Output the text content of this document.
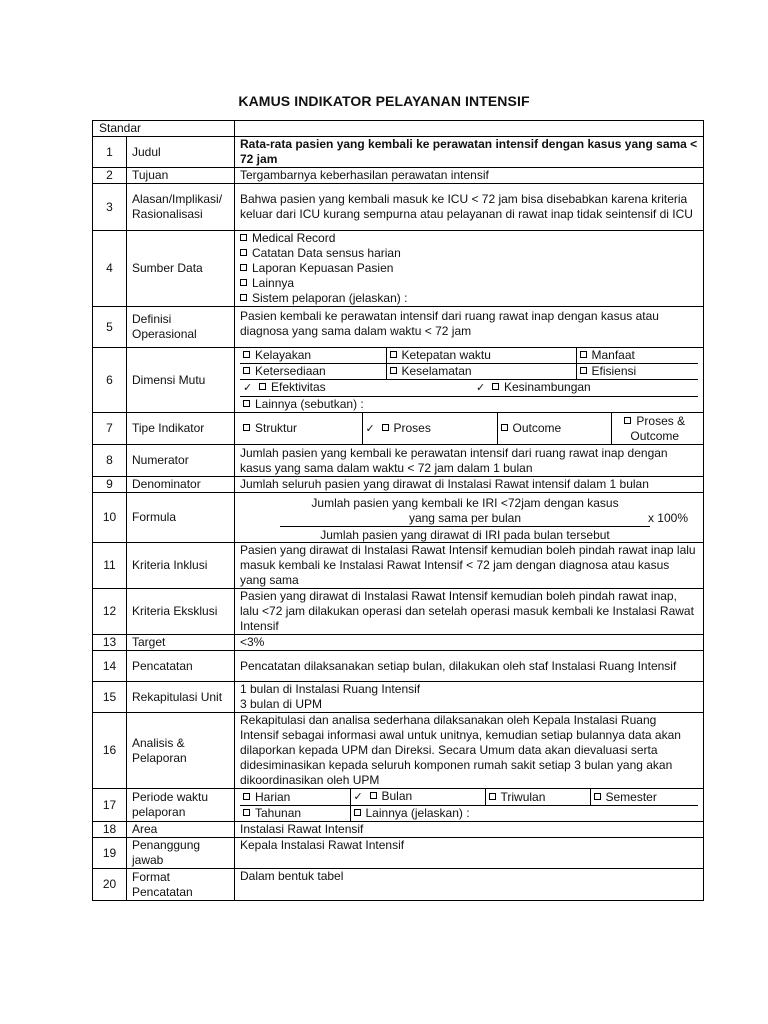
KAMUS INDIKATOR PELAYANAN INTENSIF
Standar	
1	Judul	Rata-rata pasien yang kembali ke perawatan intensif dengan kasus yang sama < 72 jam
2	Tujuan	Tergambarnya keberhasilan perawatan intensif
3	Alasan/Implikasi/ Rasionalisasi	Bahwa pasien yang kembali masuk ke ICU < 72 jam bisa disebabkan karena kriteria keluar dari ICU kurang sempurna atau pelayanan di rawat inap tidak seintensif di ICU
4	Sumber Data	
Medical Record
Catatan Data sensus harian
Laporan Kepuasan Pasien
Lainnya
Sistem pelaporan (jelaskan) :

5	Definisi Operasional	Pasien kembali ke perawatan intensif dari ruang rawat inap dengan kasus atau diagnosa yang sama dalam waktu < 72 jam
6	Dimensi Mutu	
Kelayakan	Ketepatan waktu	Manfaat
Ketersediaan	Keselamatan	Efisiensi
✓ Efektivitas	✓ Kesinambungan
Lainnya (sebutkan) :

7	Tipe Indikator		Struktur	✓ Proses	Outcome	
Proses &
Outcome

8	Numerator	Jumlah pasien yang kembali ke perawatan intensif dari ruang rawat inap dengan kasus yang sama dalam waktu < 72 jam dalam 1 bulan
9	Denominator	Jumlah seluruh pasien yang dirawat di Instalasi Rawat intensif dalam 1 bulan
10	Formula	
Jumlah pasien yang kembali ke IRI <72jam dengan kasus
yang sama per bulan
Jumlah pasien yang dirawat di IRI pada bulan tersebut
x 100%

11	Kriteria Inklusi	Pasien yang dirawat di Instalasi Rawat Intensif kemudian boleh pindah rawat inap lalu masuk kembali ke Instalasi Rawat Intensif < 72 jam dengan diagnosa atau kasus yang sama
12	Kriteria Eksklusi	Pasien yang dirawat di Instalasi Rawat Intensif kemudian boleh pindah rawat inap, lalu <72 jam dilakukan operasi dan setelah operasi masuk kembali ke Instalasi Rawat Intensif
13	Target	<3%
14	Pencatatan	Pencatatan dilaksanakan setiap bulan, dilakukan oleh staf Instalasi Ruang Intensif
15	Rekapitulasi Unit	
1 bulan di Instalasi Ruang Intensif
3 bulan di UPM

16	Analisis & Pelaporan	Rekapitulasi dan analisa sederhana dilaksanakan oleh Kepala Instalasi Ruang Intensif sebagai informasi awal untuk unitnya, kemudian setiap bulannya data akan dilaporkan kepada UPM dan Direksi. Secara Umum data akan dievaluasi serta didesiminasikan kepada seluruh komponen rumah sakit setiap 3 bulan yang akan dikoordinasikan oleh UPM
17	Periode waktu pelaporan	
Harian	✓ Bulan	Triwulan	Semester
Tahunan	Lainnya (jelaskan) :

18	Area	Instalasi Rawat Intensif
19	Penanggung jawab	Kepala Instalasi Rawat Intensif
20	Format Pencatatan	Dalam bentuk tabel
